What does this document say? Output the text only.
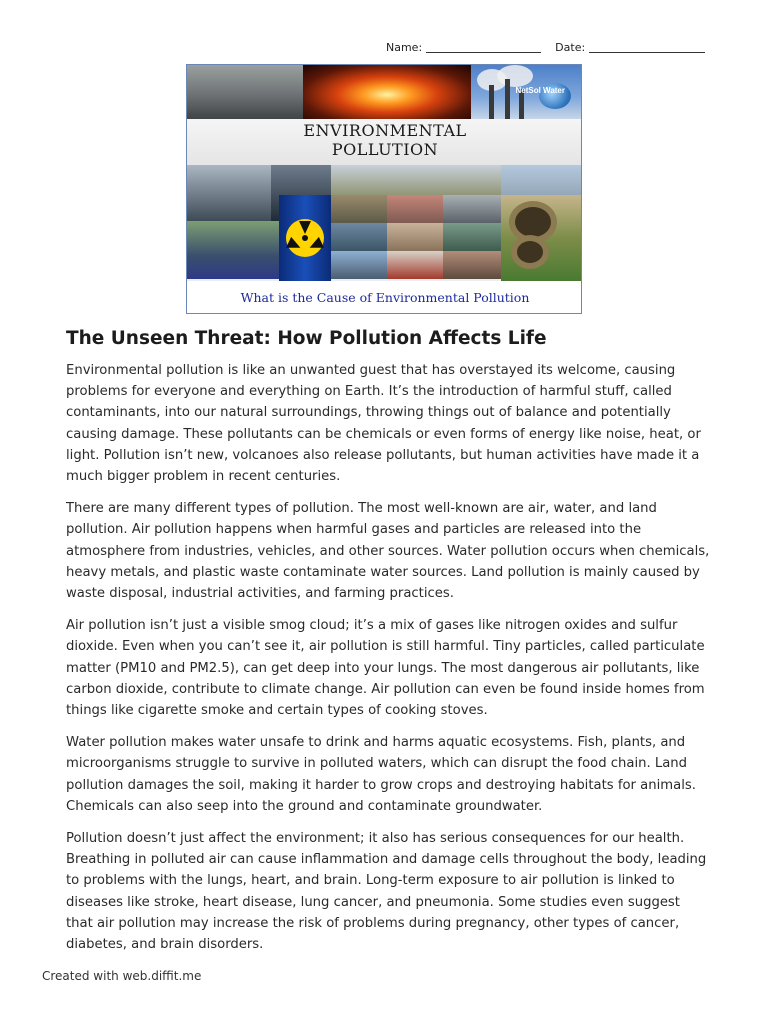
Name:	Date:
NetSol Water
ENVIRONMENTAL
POLLUTION
What is the Cause of Environmental Pollution
The Unseen Threat: How Pollution Affects Life

Environmental pollution is like an unwanted guest that has overstayed its welcome, causing problems for everyone and everything on Earth. It’s the introduction of harmful stuff, called contaminants, into our natural surroundings, throwing things out of balance and potentially causing damage. These pollutants can be chemicals or even forms of energy like noise, heat, or light. Pollution isn’t new, volcanoes also release pollutants, but human activities have made it a much bigger problem in recent centuries.

There are many different types of pollution. The most well-known are air, water, and land pollution. Air pollution happens when harmful gases and particles are released into the atmosphere from industries, vehicles, and other sources. Water pollution occurs when chemicals, heavy metals, and plastic waste contaminate water sources. Land pollution is mainly caused by waste disposal, industrial activities, and farming practices.

Air pollution isn’t just a visible smog cloud; it’s a mix of gases like nitrogen oxides and sulfur dioxide. Even when you can’t see it, air pollution is still harmful. Tiny particles, called particulate matter (PM10 and PM2.5), can get deep into your lungs. The most dangerous air pollutants, like carbon dioxide, contribute to climate change. Air pollution can even be found inside homes from things like cigarette smoke and certain types of cooking stoves.

Water pollution makes water unsafe to drink and harms aquatic ecosystems. Fish, plants, and microorganisms struggle to survive in polluted waters, which can disrupt the food chain. Land pollution damages the soil, making it harder to grow crops and destroying habitats for animals. Chemicals can also seep into the ground and contaminate groundwater.

Pollution doesn’t just affect the environment; it also has serious consequences for our health. Breathing in polluted air can cause inflammation and damage cells throughout the body, leading to problems with the lungs, heart, and brain. Long-term exposure to air pollution is linked to diseases like stroke, heart disease, lung cancer, and pneumonia. Some studies even suggest that air pollution may increase the risk of problems during pregnancy, other types of cancer, diabetes, and brain disorders.

Created with web.diffit.me
